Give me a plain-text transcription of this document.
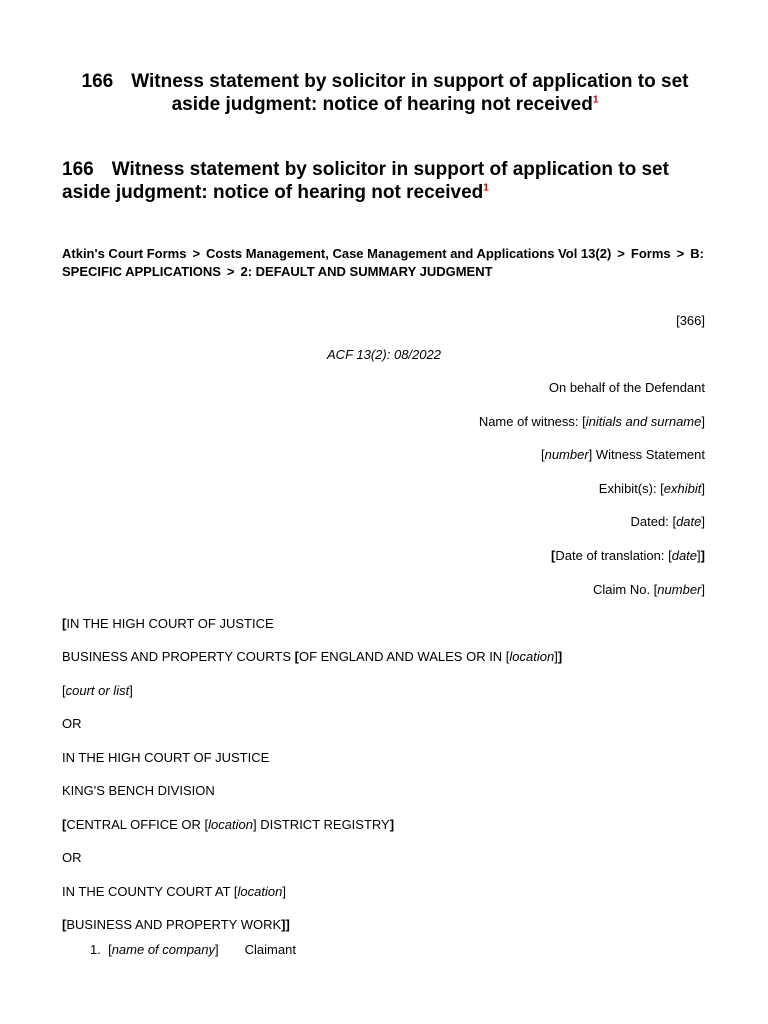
166 Witness statement by solicitor in support of application to set
aside judgment: notice of hearing not received$^1$
166 Witness statement by solicitor in support of application to set aside judgment: notice of hearing not received$^1$
Atkin's Court Forms > Costs Management, Case Management and Applications Vol 13(2) > Forms > B: SPECIFIC APPLICATIONS > 2: DEFAULT AND SUMMARY JUDGMENT

[366]

ACF 13(2): 08/2022

On behalf of the Defendant

Name of witness: [initials and surname]

[number] Witness Statement

Exhibit(s): [exhibit]

Dated: [date]

[Date of translation: [date]]

Claim No. [number]

[IN THE HIGH COURT OF JUSTICE

BUSINESS AND PROPERTY COURTS [OF ENGLAND AND WALES OR IN [location]]

[court or list]

OR

IN THE HIGH COURT OF JUSTICE

KING'S BENCH DIVISION

[CENTRAL OFFICE OR [location] DISTRICT REGISTRY]

OR

IN THE COUNTY COURT AT [location]

[BUSINESS AND PROPERTY WORK]]

1.  [name of company] Claimant
